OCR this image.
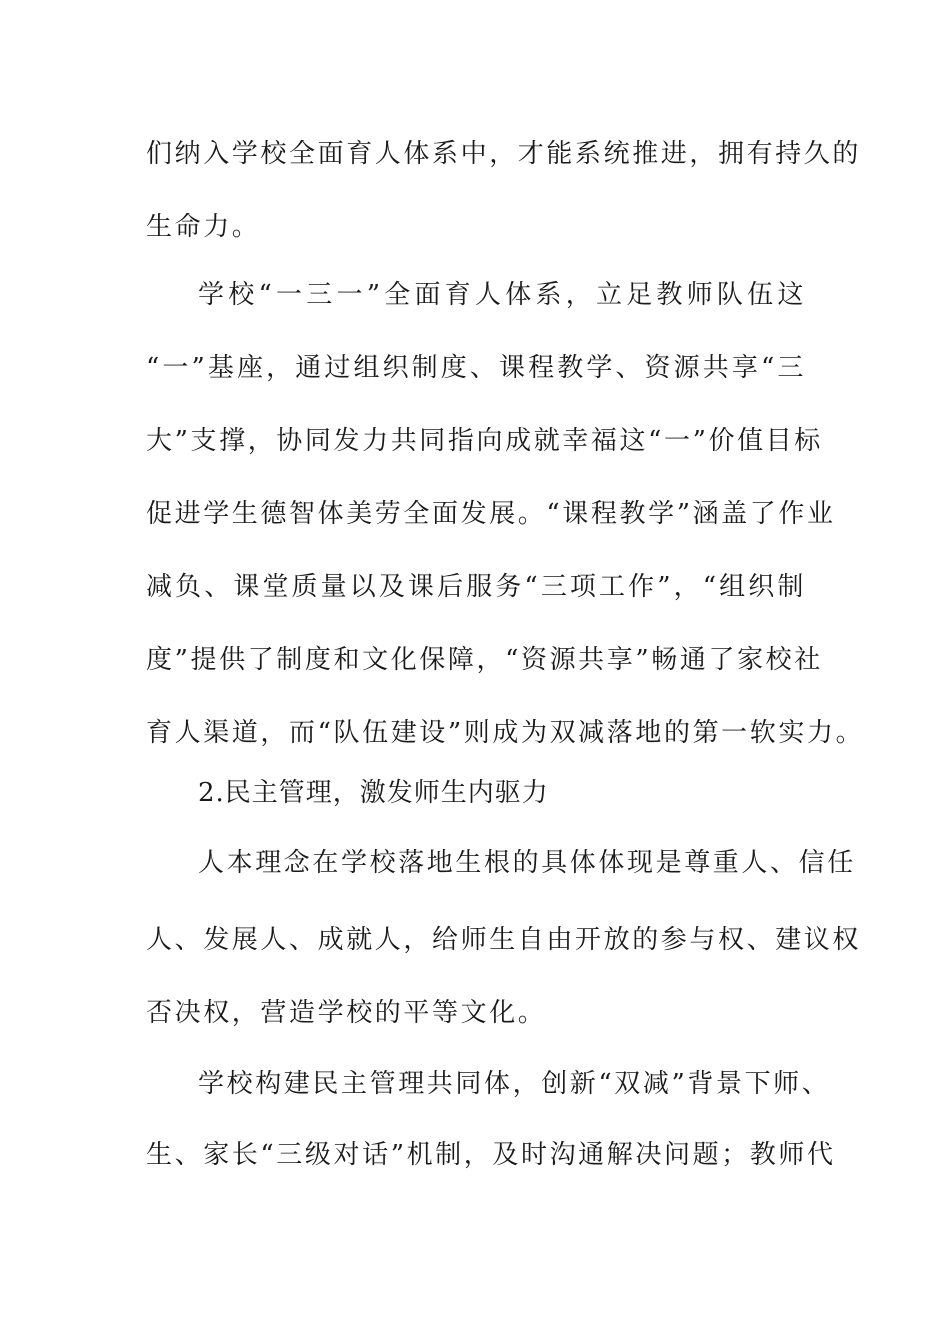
们纳入学校全面育人体系中，才能系统推进，拥有持久的
生命力。
学校“一三一”全面育人体系，立足教师队伍这
“一”基座，通过组织制度、课程教学、资源共享“三
大”支撑，协同发力共同指向成就幸福这“一”价值目标
促进学生德智体美劳全面发展。“课程教学”涵盖了作业
减负、课堂质量以及课后服务“三项工作”，“组织制
度”提供了制度和文化保障，“资源共享”畅通了家校社
育人渠道，而“队伍建设”则成为双减落地的第一软实力。
2.民主管理，激发师生内驱力
人本理念在学校落地生根的具体体现是尊重人、信任
人、发展人、成就人，给师生自由开放的参与权、建议权
否决权，营造学校的平等文化。
学校构建民主管理共同体，创新“双减”背景下师、
生、家长“三级对话”机制，及时沟通解决问题；教师代
